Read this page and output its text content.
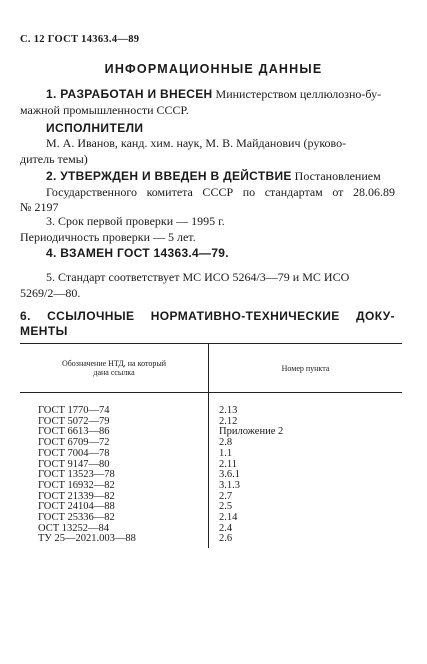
С. 12 ГОСТ 14363.4—89
ИНФОРМАЦИОННЫЕ ДАННЫЕ

1. РАЗРАБОТАН И ВНЕСЕН Министерством целлюлозно-бу-
мажной промышленности СССР.

ИСПОЛНИТЕЛИ

М. А. Иванов, канд. хим. наук, М. В. Майданович (руково-
дитель темы)

2. УТВЕРЖДЕН И ВВЕДЕН В ДЕЙСТВИЕ Постановлением

Государственного комитета СССР по стандартам от 28.06.89
№ 2197

3. Срок первой проверки — 1995 г.
Периодичность проверки — 5 лет.

4. ВЗАМЕН ГОСТ 14363.4—79.

5. Стандарт соответствует МС ИСО 5264/3—79 и МС ИСО
5269/2—80.

6. ССЫЛОЧНЫЕ НОРМАТИВНО-ТЕХНИЧЕСКИЕ ДОКУ-
МЕНТЫ
Обозначение НТД, на который
дана ссылка	Номер пункта
ГОСТ 1770—74	2.13
ГОСТ 5072—79	2.12
ГОСТ 6613—86	Приложение 2
ГОСТ 6709—72	2.8
ГОСТ 7004—78	1.1
ГОСТ 9147—80	2.11
ГОСТ 13523—78	3.6.1
ГОСТ 16932—82	3.1.3
ГОСТ 21339—82	2.7
ГОСТ 24104—88	2.5
ГОСТ 25336—82	2.14
ОСТ 13252—84	2.4
ТУ 25—2021.003—88	2.6
